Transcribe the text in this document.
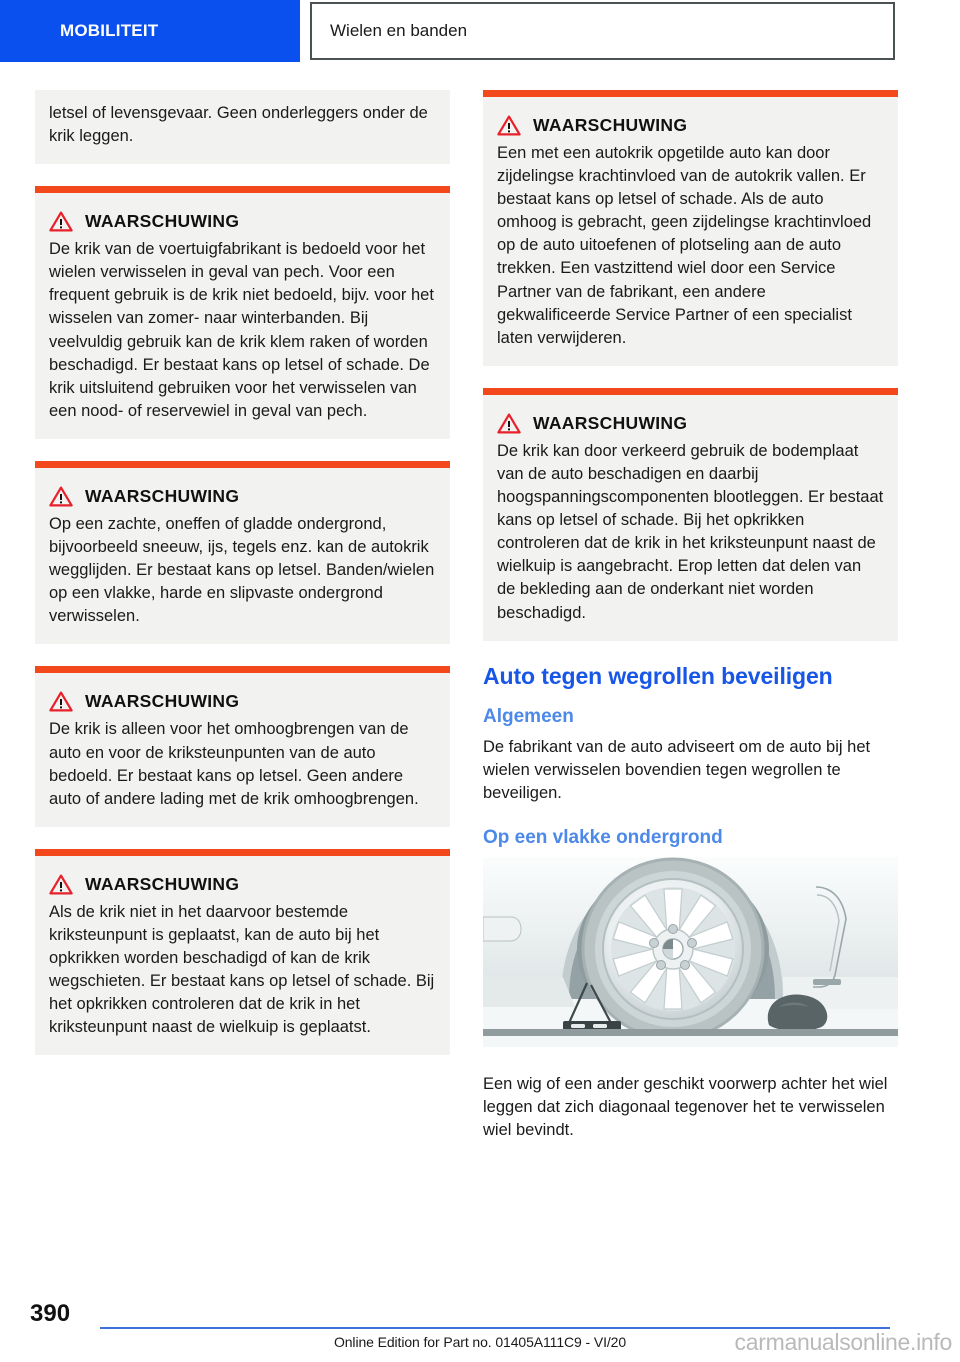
MOBILITEIT	Wielen en banden
letsel of levensgevaar. Geen onderleggers onder de krik leggen.
WAARSCHUWING
De krik van de voertuigfabrikant is bedoeld voor het wielen verwisselen in geval van pech. Voor een frequent gebruik is de krik niet bedoeld, bijv. voor het wisselen van zomer- naar winterbanden. Bij veelvuldig gebruik kan de krik klem raken of worden beschadigd. Er bestaat kans op letsel of schade. De krik uitsluitend gebruiken voor het verwisselen van een nood- of reservewiel in geval van pech.
WAARSCHUWING
Op een zachte, oneffen of gladde ondergrond, bijvoorbeeld sneeuw, ijs, tegels enz. kan de autokrik wegglijden. Er bestaat kans op letsel. Banden/wielen op een vlakke, harde en slipvaste ondergrond verwisselen.
WAARSCHUWING
De krik is alleen voor het omhoogbrengen van de auto en voor de kriksteunpunten van de auto bedoeld. Er bestaat kans op letsel. Geen andere auto of andere lading met de krik omhoogbrengen.
WAARSCHUWING
Als de krik niet in het daarvoor bestemde kriksteunpunt is geplaatst, kan de auto bij het opkrikken worden beschadigd of kan de krik wegschieten. Er bestaat kans op letsel of schade. Bij het opkrikken controleren dat de krik in het kriksteunpunt naast de wielkuip is geplaatst.
WAARSCHUWING
Een met een autokrik opgetilde auto kan door zijdelingse krachtinvloed van de autokrik vallen. Er bestaat kans op letsel of schade. Als de auto omhoog is gebracht, geen zijdelingse krachtinvloed op de auto uitoefenen of plotseling aan de auto trekken. Een vastzittend wiel door een Service Partner van de fabrikant, een andere gekwalificeerde Service Partner of een specialist laten verwijderen.
WAARSCHUWING
De krik kan door verkeerd gebruik de bodemplaat van de auto beschadigen en daarbij hoogspanningscomponenten blootleggen. Er bestaat kans op letsel of schade. Bij het opkrikken controleren dat de krik in het kriksteunpunt naast de wielkuip is aangebracht. Erop letten dat delen van de bekleding aan de onderkant niet worden beschadigd.
Auto tegen wegrollen beveiligen
Algemeen

De fabrikant van de auto adviseert om de auto bij het wielen verwisselen bovendien tegen wegrollen te beveiligen.

Op een vlakke ondergrond

Een wig of een ander geschikt voorwerp achter het wiel leggen dat zich diagonaal tegenover het te verwisselen wiel bevindt.

390
Online Edition for Part no. 01405A111C9 - VI/20	carmanualsonline.info
